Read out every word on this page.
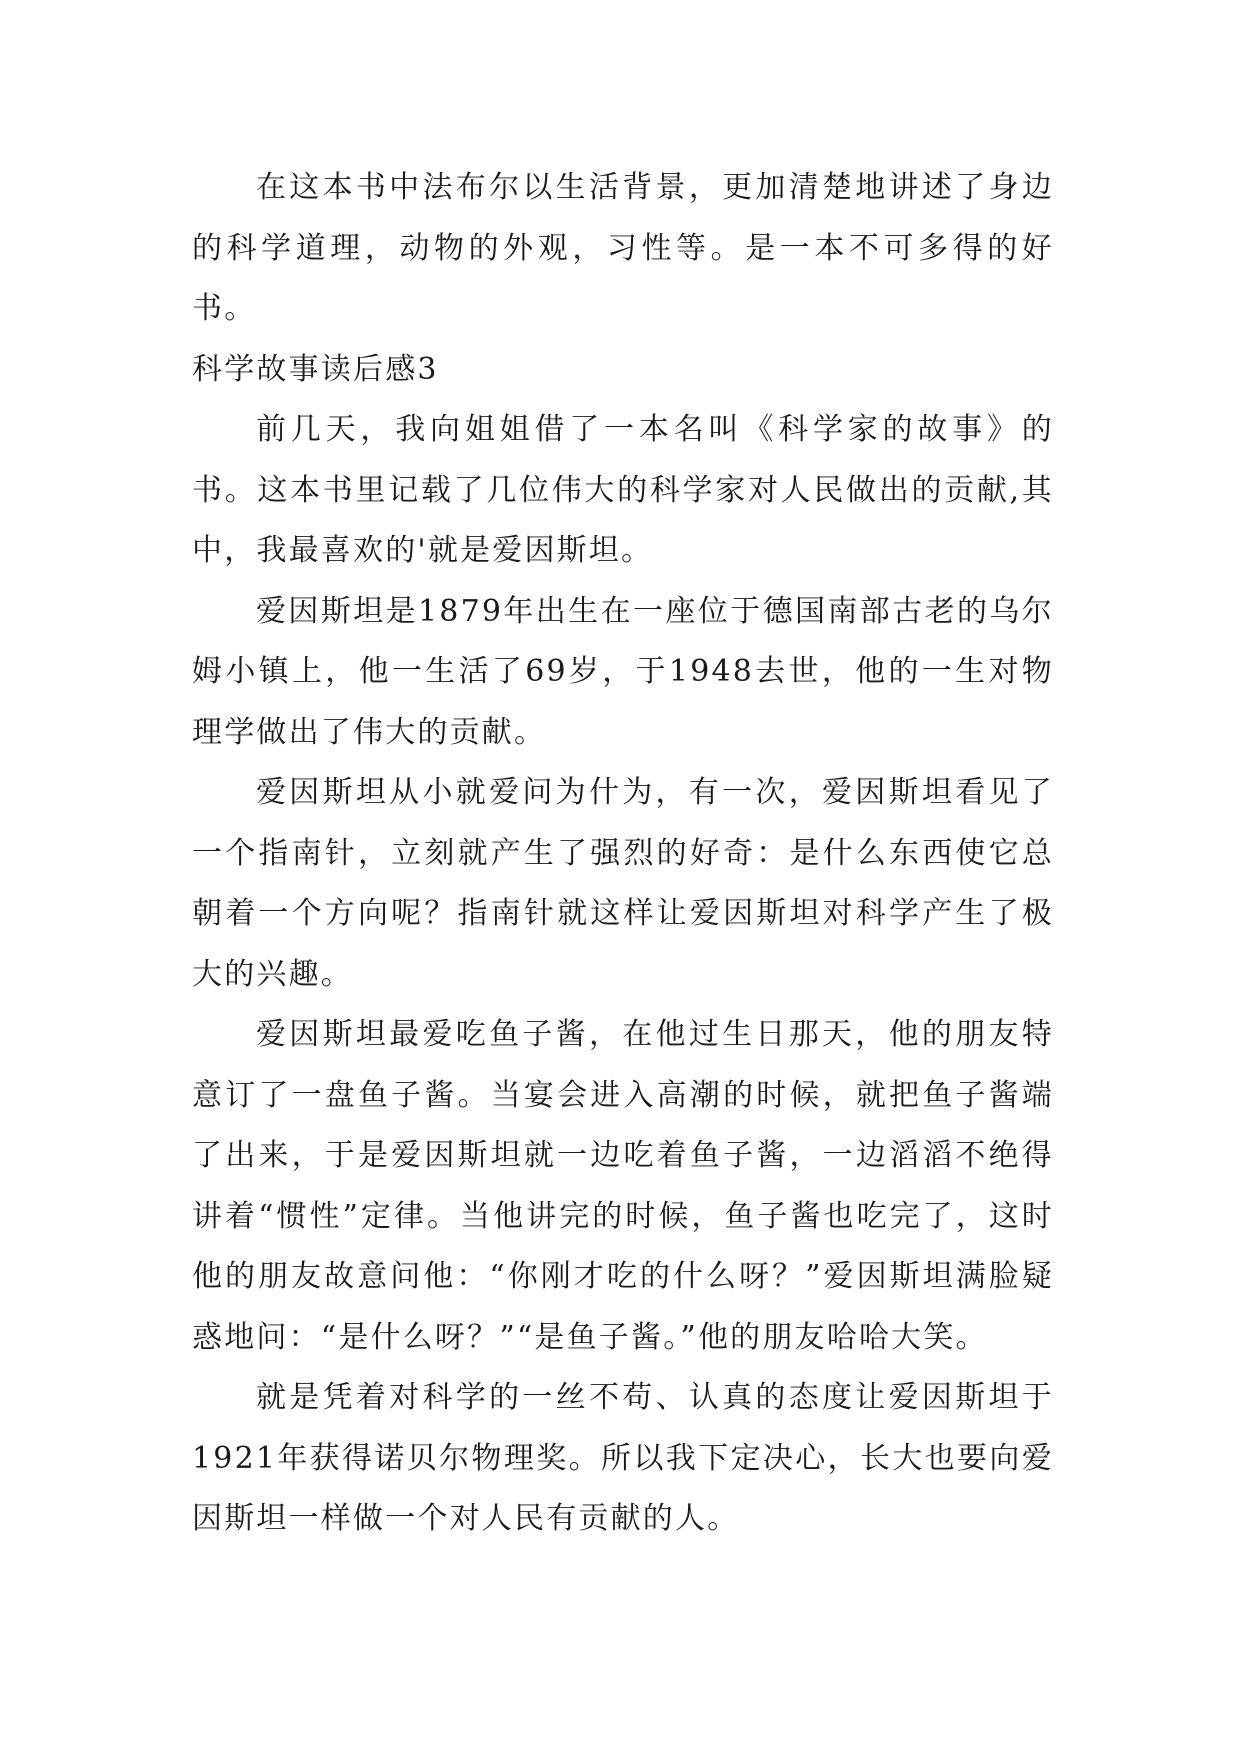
在这本书中法布尔以生活背景，更加清楚地讲述了身边的科学道理，动物的外观，习性等。是一本不可多得的好书。

科学故事读后感3

前几天，我向姐姐借了一本名叫《科学家的故事》的书。这本书里记载了几位伟大的科学家对人民做出的贡献,其中，我最喜欢的'就是爱因斯坦。

爱因斯坦是1879年出生在一座位于德国南部古老的乌尔姆小镇上，他一生活了69岁，于1948去世，他的一生对物理学做出了伟大的贡献。

爱因斯坦从小就爱问为什为，有一次，爱因斯坦看见了一个指南针，立刻就产生了强烈的好奇：是什么东西使它总朝着一个方向呢？指南针就这样让爱因斯坦对科学产生了极大的兴趣。

爱因斯坦最爱吃鱼子酱，在他过生日那天，他的朋友特意订了一盘鱼子酱。当宴会进入高潮的时候，就把鱼子酱端了出来，于是爱因斯坦就一边吃着鱼子酱，一边滔滔不绝得讲着“惯性”定律。当他讲完的时候，鱼子酱也吃完了，这时他的朋友故意问他：“你刚才吃的什么呀？”爱因斯坦满脸疑惑地问：“是什么呀？”“是鱼子酱。”他的朋友哈哈大笑。

就是凭着对科学的一丝不苟、认真的态度让爱因斯坦于1921年获得诺贝尔物理奖。所以我下定决心，长大也要向爱因斯坦一样做一个对人民有贡献的人。
